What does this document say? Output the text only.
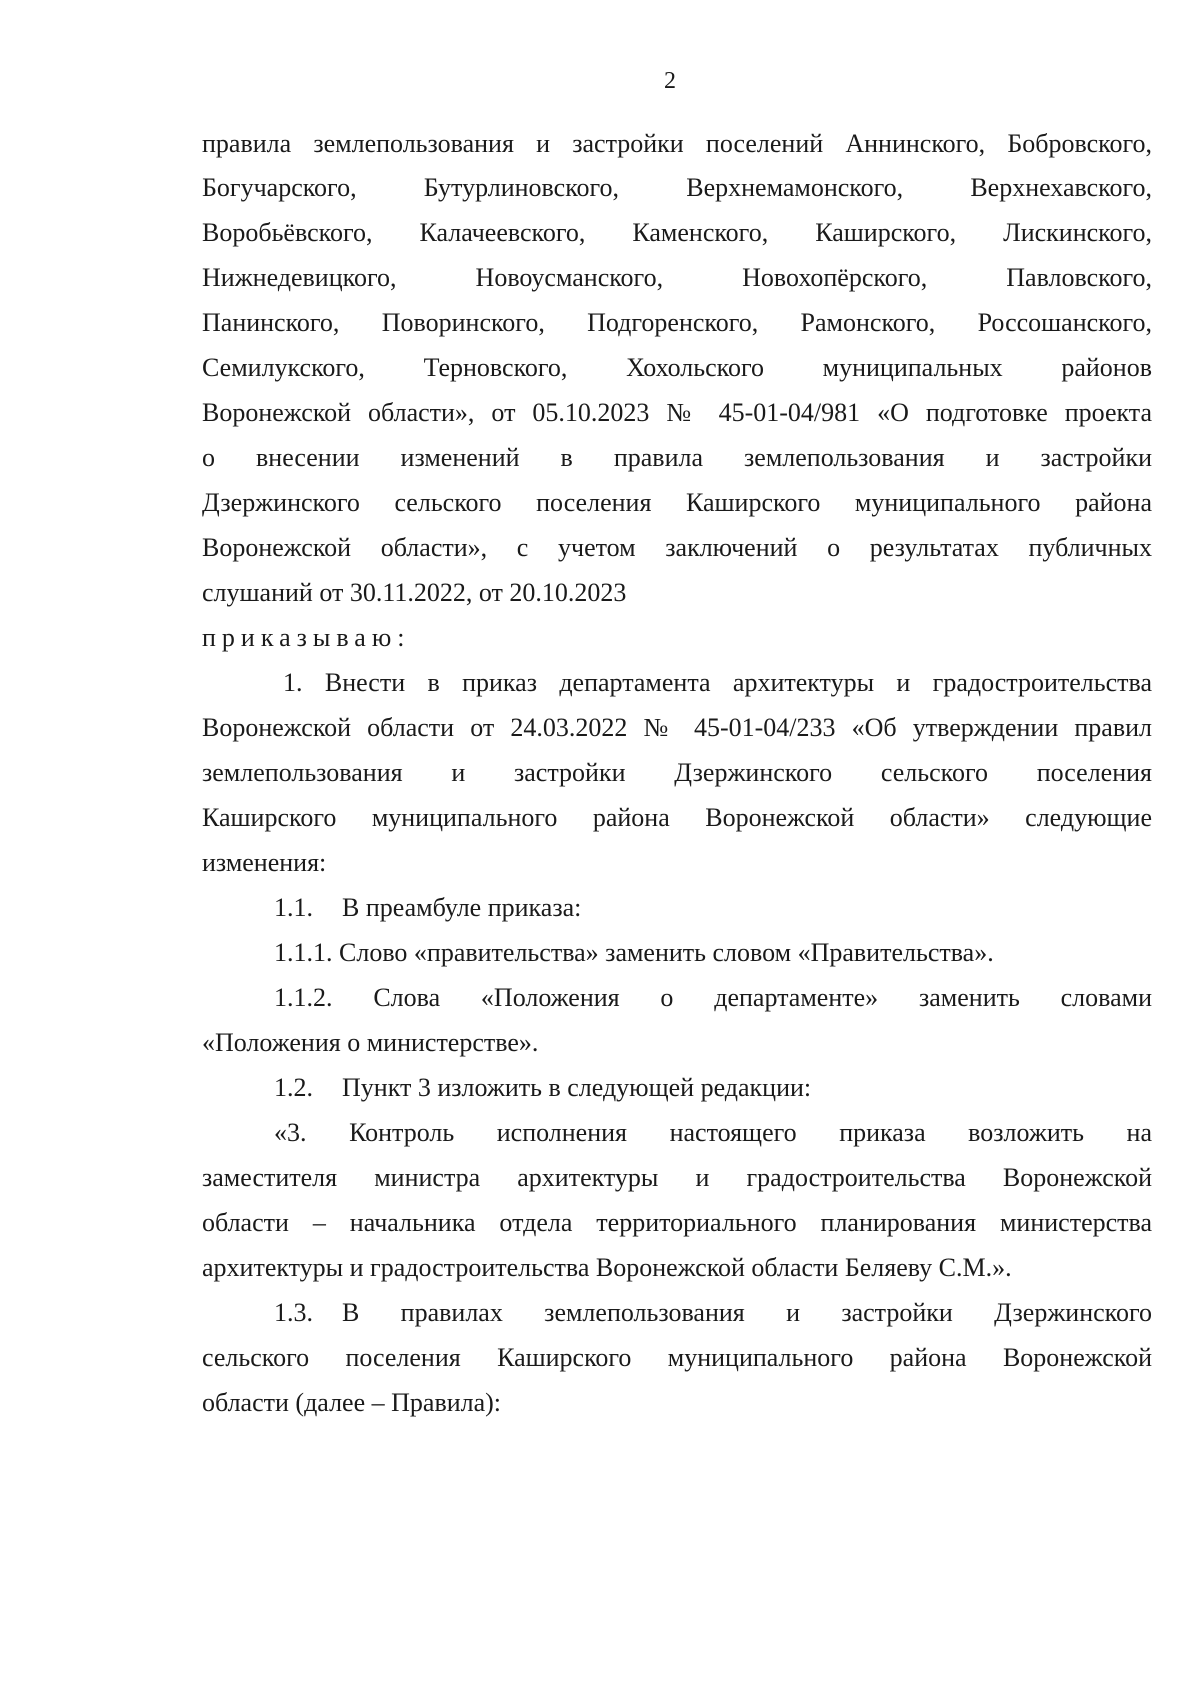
2

правила землепользования и застройки поселений Аннинского, Бобровского,

Богучарского, Бутурлиновского, Верхнемамонского, Верхнехавского,

Воробьёвского, Калачеевского, Каменского, Каширского, Лискинского,

Нижнедевицкого, Новоусманского, Новохопёрского, Павловского,

Панинского, Поворинского, Подгоренского, Рамонского, Россошанского,

Семилукского, Терновского, Хохольского муниципальных районов

Воронежской области», от 05.10.2023 № 45-01-04/981 «О подготовке проекта

о внесении изменений в правила землепользования и застройки

Дзержинского сельского поселения Каширского муниципального района

Воронежской области», с учетом заключений о результатах публичных

слушаний от 30.11.2022, от 20.10.2023

приказываю:

1. Внести в приказ департамента архитектуры и градостроительства

Воронежской области от 24.03.2022 № 45-01-04/233 «Об утверждении правил

землепользования и застройки Дзержинского сельского поселения

Каширского муниципального района Воронежской области» следующие

изменения:

1.1. В преамбуле приказа:

1.1.1. Слово «правительства» заменить словом «Правительства».

1.1.2. Слова «Положения о департаменте» заменить словами

«Положения о министерстве».

1.2. Пункт 3 изложить в следующей редакции:

«3. Контроль исполнения настоящего приказа возложить на

заместителя министра архитектуры и градостроительства Воронежской

области – начальника отдела территориального планирования министерства

архитектуры и градостроительства Воронежской области Беляеву С.М.».

1.3. В правилах землепользования и застройки Дзержинского

сельского поселения Каширского муниципального района Воронежской

области (далее – Правила):
